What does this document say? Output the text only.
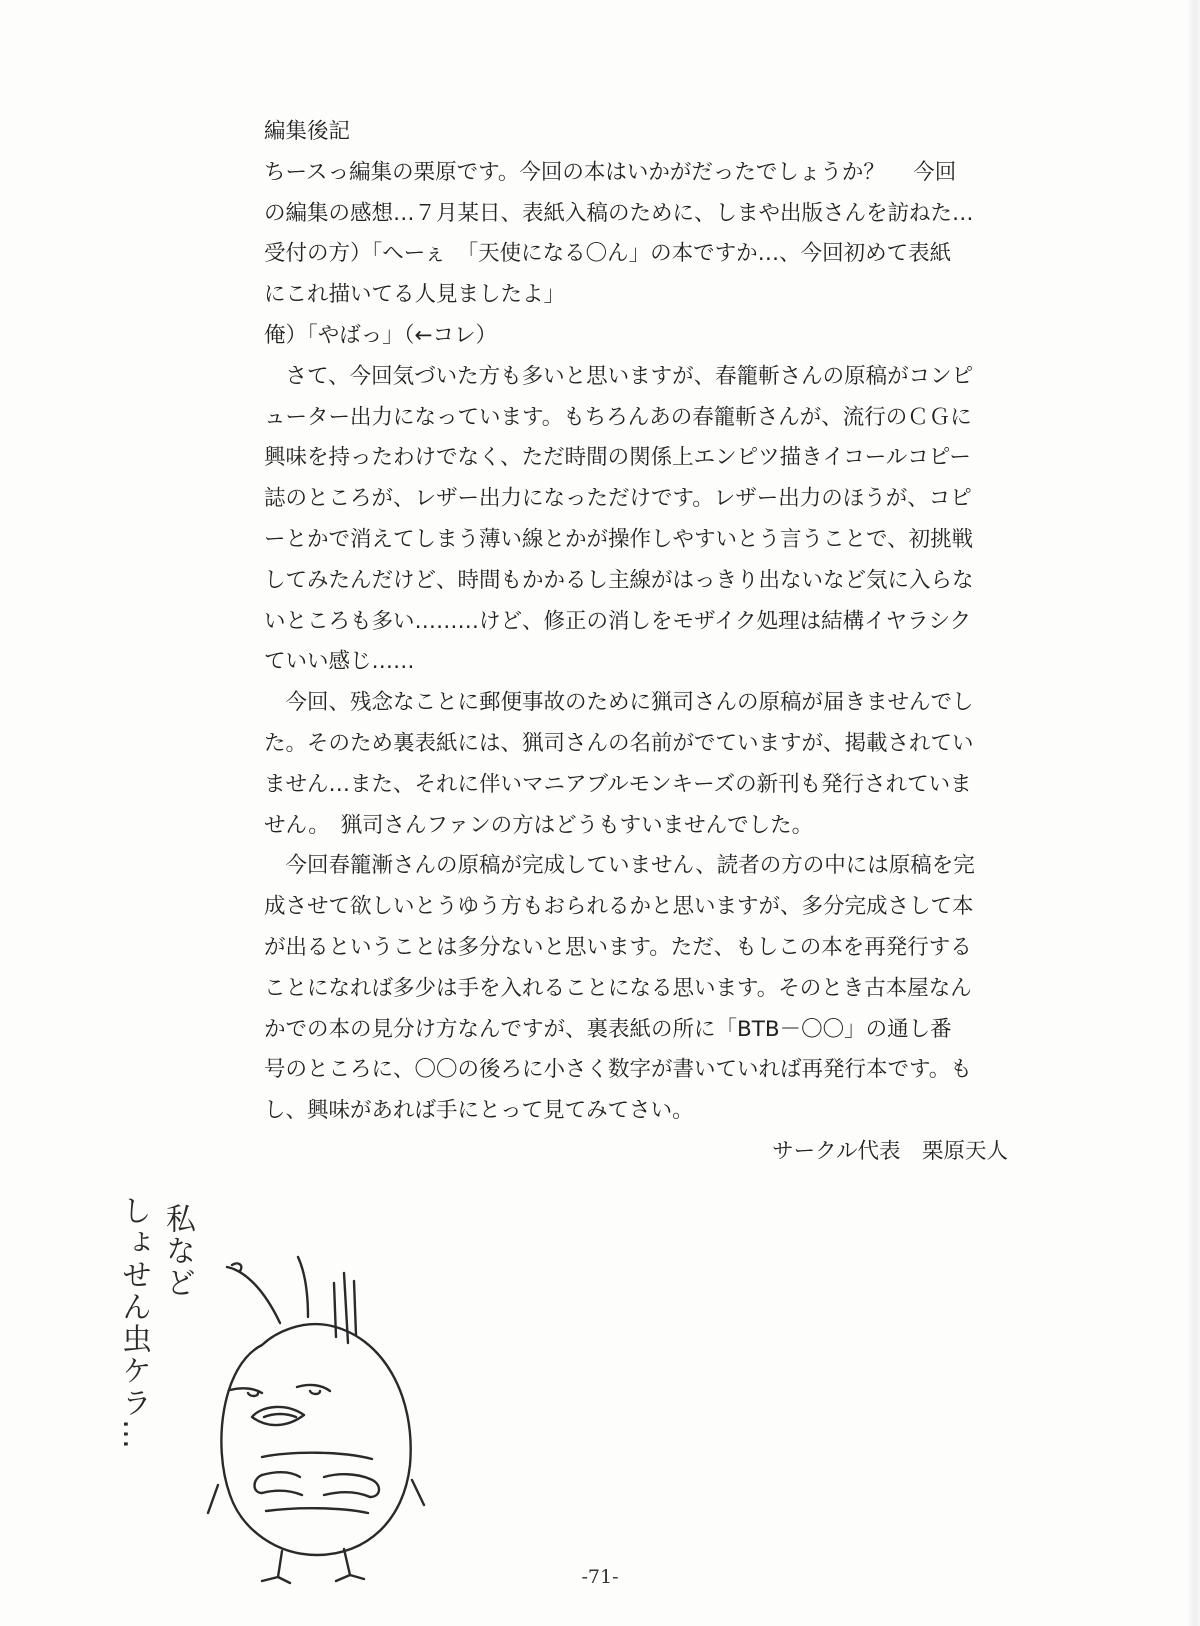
編集後記

ちースっ編集の栗原です。今回の本はいかがだったでしょうか？　 今回

の編集の感想…７月某日、表紙入稿のために、しまや出版さんを訪ねた…

受付の方）「へーぇ　「天使になる〇ん」の本ですか…、今回初めて表紙

にこれ描いてる人見ましたよ」

俺）「やばっ」（←コレ）

　さて、今回気づいた方も多いと思いますが、春籠斬さんの原稿がコンピ

ューター出力になっています。もちろんあの春籠斬さんが、流行のＣＧに

興味を持ったわけでなく、ただ時間の関係上エンピツ描きイコールコピー

誌のところが、レザー出力になっただけです。レザー出力のほうが、コピ

ーとかで消えてしまう薄い線とかが操作しやすいとう言うことで、初挑戦

してみたんだけど、時間もかかるし主線がはっきり出ないなど気に入らな

いところも多い………けど、修正の消しをモザイク処理は結構イヤラシク

ていい感じ……

　今回、残念なことに郵便事故のために猟司さんの原稿が届きませんでし

た。そのため裏表紙には、猟司さんの名前がでていますが、掲載されてい

ません…また、それに伴いマニアブルモンキーズの新刊も発行されていま

せん。　猟司さんファンの方はどうもすいませんでした。

　今回春籠漸さんの原稿が完成していません、読者の方の中には原稿を完

成させて欲しいとうゆう方もおられるかと思いますが、多分完成さして本

が出るということは多分ないと思います。ただ、もしこの本を再発行する

ことになれば多少は手を入れることになる思います。そのとき古本屋なん

かでの本の見分け方なんですが、裏表紙の所に「BTB－〇〇」の通し番

号のところに、〇〇の後ろに小さく数字が書いていれば再発行本です。も

し、興味があれば手にとって見てみてさい。

サークル代表　栗原天人

私など
しょせん虫ケラ…
-71-
